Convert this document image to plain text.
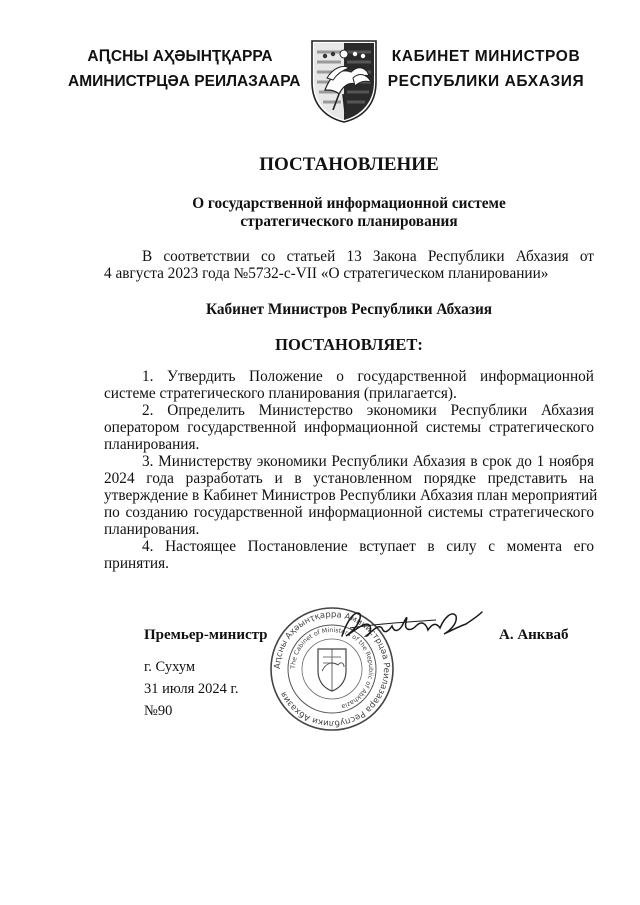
АԤСНЫ АҲӘЫНҬҚАРРА
АМИНИСТРЦӘА РЕИЛАЗААРА
КАБИНЕТ МИНИСТРОВ
РЕСПУБЛИКИ АБХАЗИЯ
ПОСТАНОВЛЕНИЕ
О государственной информационной системе
стратегического планирования
В соответствии со статьей 13 Закона Республики Абхазия от
4 августа 2023 года №5732-с-VII «О стратегическом планировании»
Кабинет Министров Республики Абхазия
ПОСТАНОВЛЯЕТ:
1. Утвердить Положение о государственной информационной
системе стратегического планирования (прилагается).
2. Определить Министерство экономики Республики Абхазия
оператором государственной информационной системы стратегического
планирования.
3. Министерству экономики Республики Абхазия в срок до 1 ноября
2024 года разработать и в установленном порядке представить на
утверждение в Кабинет Министров Республики Абхазия план мероприятий
по созданию государственной информационной системы стратегического
планирования.
4. Настоящее Постановление вступает в силу с момента его
принятия.
Аԥсны Аҳәынҭқарра Аминистрцәа Реилазаара Республики Абхазия
The Cabinet of Ministers of the Republic of Abkhazia
Премьер-министр	А. Анкваб
г. Сухум
31 июля 2024 г.
№90
